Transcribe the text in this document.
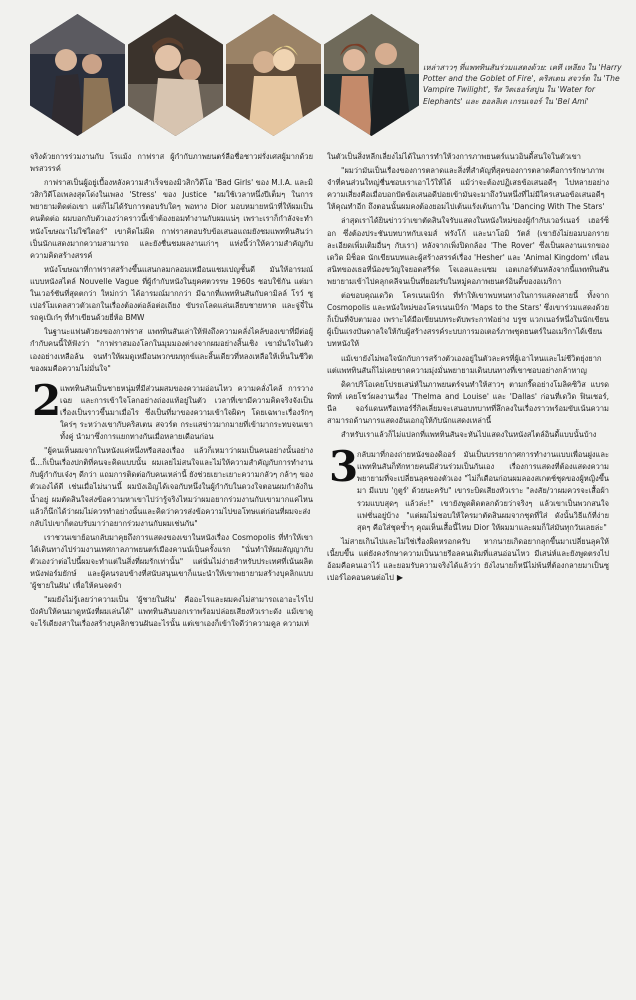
เหล่าสาวๆ ที่แพททินสันร่วมแสดงด้วย: เคที เหลียง ใน 'Harry Potter and the Goblet of Fire', คริสเตน สจวร์ต ใน 'The Vampire Twilight', รีส วิตเธอร์สปูน ใน 'Water for Elephants' และ ฮอลลิเด เกรนเจอร์ ใน 'Bel Ami'

จริงด้วยการร่วมงานกับ โรแม้ง กาฟราส ผู้กำกับภาพยนตร์ลือชื่อชาวฝรั่งเศสผู้มากด้วยพรสวรรค์

กาฟราสเป็นผู้อยู่เบื้องหลังความสำเร็จของมิวสิกวิดีโอ 'Bad Girls' ของ M.I.A. และมิวสิกวิดีโอเพลงสุดโด่งในเพลง 'Stress' ของ Justice "ผมใช้เวลาหนึ่งปีเต็มๆ ในการพยายามติดต่อเขา แต่ก็ไม่ได้รับการตอบรับใดๆ พอทาง Dior มอบหมายหน้าที่ให้ผมเป็นคนติดต่อ ผมบอกกับตัวเองว่าคราวนี้เข้าต้องยอมทำงานกับผมแน่ๆ เพราะเราก็กำลังจะทำหนังโฆษณาไม่ใช่ใดอร์" เขาคิดไม่ผิด กาฟราสตอบรับข้อเสนอแถมยังชมแพททินสันว่าเป็นนักแสดงมากความสามารถ และยังชื่นชมผลงานเก่าๆ แห่งนี้ว่าให้ความสำคัญกับความคิดสร้างสรรค์

หนังโฆษณาที่กาฟราสสร้างขึ้นแสนกลมกลอมเหมือนแชมเปญชั้นดี มันให้อารมณ์แบบหนังสไตล์ Nouvelle Vague ที่ผู้กำกับหนังในยุคศตวรรษ 1960s ชอบใช้กัน แต่มาในเวอร์ชันที่สุดตกว่า ใหม่กว่า ได้อารมณ์มากกว่า มีฉากที่แพททินสันกับคามิลล์ โรว์ ซูเปอร์โมเดลสาวตัวเอกในเรื่องต้องต่อล้อต่อเถียง ขับรถโลดแล่นเลียบชายหาด และจู่จี๋ในรถคูเป้เก๋ๆ ที่ทำเขียนด้วยยี่ห้อ BMW

ในฐานะแฟนตัวยงของกาฟราส แพททินสันเล่าให้ฟังถึงความคลั่งไคล้ของเขาที่มีต่อผู้กำกับคนนี้ให้ฟังว่า "กาฟราสมองโลกในมุมมองต่างจากผมอย่างสิ้นเชิง เขามั่นใจในตัวเองอย่างเหลือล้น จนทำให้ผมดูเหมือนพวกขมทุกข์และสิ้นเดียวที่หลงเหลือให้เห็นในชีวิตของผมคือความไม่มั่นใจ"

2

แพททินสันเป็นชายหนุ่มที่มีส่วนผสมของความอ่อนไหว ความคลั่งไคล้ การวางเฉย และการเข้าใจโลกอย่างถ่องแท้อยู่ในตัว เวลาที่เขามีความคิดจริงจังเป็นเรื่องเป็นราวขึ้นมาเมื่อไร ซึ่งเป็นที่มาของความเข้าใจผิดๆ โดยเฉพาะเรื่องรักๆ ใคร่ๆ ระหว่างเขากับคริสเตน สจวร์ต กระแสข่าวมากมายที่เข้ามากระทบจนเขาทั้งคู่ นำมาซึ่งการแยกทางกันเมื่อหลายเดือนก่อน

"ผู้คนเห็นผมจากในหนังแค่หนึ่งหรือสองเรื่อง แล้วก็เหมาว่าผมเป็นคนอย่างนั้นอย่างนี้...ก็เป็นเรื่องปกติที่คนจะคิดแบบนั้น ผมเลยไม่สนใจและไม่ให้ความสำคัญกับการทำงานกับผู้กำกับเจ๋งๆ ดีกว่า แถมการติดต่อกับคนเหล่านี้ ยังช่วยเยาะเยาะความกลัวๆ กล้าๆ ของตัวเองได้ดี เช่นเมื่อไม่นานนี้ ผมบังเอิญได้เจอกับหนึ่งในผู้กำกับในดวงใจตอนผมกำลังกินน้ำอยู่ ผมตัดสินใจส่งข้อความหาเขาไปว่ารู้จริงไหมว่าผมอยากร่วมงานกับเขามากแค่ไหน แล้วก็นึกได้ว่าผมไม่ควรทำอย่างนั้นและคิดว่าควรส่งข้อความไปขอโทษแต่ก่อนที่ผมจะส่งกลับไปเขาก็ตอบรับมาว่าอยากร่วมงานกับผมเช่นกัน"

เราชวนเขาย้อนกลับมาคุยถึงการแสดงของเขาในหนังเรื่อง Cosmopolis ที่ทำให้เขาได้เดินทางไปร่วมงานเทศกาลภาพยนตร์เมืองคานน์เป็นครั้งแรก "นั่นทำให้ผมสัญญากับตัวเองว่าต่อไปนี้ผมจะทำแต่ในสิ่งที่ผมรักเท่านั้น" แต่นั่นไม่ง่ายสำหรับประเทศที่เน้นผลิตหนังฟอร์มยักษ์ และผู้คนรอบข้างที่สนับสนุนเขาก็แนะนำให้เขาพยายามสร้างบุคลิกแบบ 'ผู้ชายในฝัน' เพื่อให้คนจดจำ

"ผมยังไม่รู้เลยว่าความเป็น 'ผู้ชายในฝัน' คืออะไรและผมคงไม่สามารถเอาอะไรไปบังคับให้คนมาดูหนังที่ผมเล่นได้" แพททินสันบอกเราพร้อมปล่อยเสียงหัวเราะดัง แม้เขาดูจะไร้เดียงสาในเรื่องสร้างบุคลิกชวนฝันอะไรนั้น แต่เขาเองก็เข้าใจดีว่าความคูล ความเท่

ในตัวเป็นสิ่งหลีกเลี่ยงไม่ได้ในการทำให้วงการภาพยนตร์แนวอินดี้สนใจในตัวเขา

"ผมว่ามันเป็นเรื่องของการตลาดและสิ่งที่สำคัญที่สุดของการตลาดคือการรักษาภาพจำที่คนส่วนใหญ่ชื่นชอบเราเอาไว้ให้ได้ แม้ว่าจะต้องปฏิเสธข้อเสนอดีๆ ไปหลายอย่าง ความเสี่ยงคือเมื่อบอกปัดข้อเสนอดีปอยเข้ามันจะมาถึงวันหนึ่งที่ไม่มีใครเสนอข้อเสนอดีๆ ให้คุณทำอีก ถึงตอนนั้นผมคงต้องยอมไปเต้นแร้งเต้นกาใน 'Dancing With The Stars'

ล่าสุดเราได้ยินข่าวว่าเขาตัดสินใจรับแสดงในหนังใหม่ของผู้กำกับเวอร์เนอร์ เฮอร์ซ็อก ซึ่งต้องประชันบทบาทกับเจมส์ ฟรังโก้ และนาโอมิ วัตส์ (เขายังไม่ยอมบอกรายละเอียดเพิ่มเติมอื่นๆ กับเรา) หลังจากเพิ่งปิดกล้อง 'The Rover' ซึ่งเป็นผลงานแรกของเดวิด มิช็อด นักเขียนบทและผู้สร้างสรรค์เรื่อง 'Hesher' และ 'Animal Kingdom' เพื่อนสนิทของเธอที่น้องขวัญใจยอดสรีร์ด โจเอลและแซม เอตเกอร์ตันหลังจากนี้แพททินสันพยายามเข้าไปคลุกคลีจนเป็นที่ยอมรับในหมู่คอภาพยนตร์อินดี้ของอเมริกา

ต่อขอบคุณเดวิด โครเนนเบิร์ก ที่ทำให้เขาพบหนทางในการแสดงสายนี้ ทั้งจาก Cosmopolis และหนังใหม่ของโครเนนเบิร์ก 'Maps to the Stars' ซึ่งเขาร่วมแสดงด้วยก็เป็นที่จับตามอง เพราะได้มือเขียนบทระดับพระกาฬอย่าง บรูซ แวกเนอร์หนึ่งในนักเขียนผู้เป็นแรงบันดาลใจให้กับผู้สร้างสรรค์ระบบการมอเตอร์ภาพชุดยนตร์ในอเมริกาได้เขียนบทหนังให้

แม้เขายังไม่พอใจนักกับการสร้างตัวเองอยู่ในตัวละครที่ผู้เอาไหนและไม่ชีวิตยุ่งยาก แต่แพททินสันก็ไม่เคยขาดความมุ่งมั่นพยายามเดินบนทางที่เขาชอบอย่างกล้าหาญ

ดิคาปริโอเคยโปรยเสน่ห์ในภาพยนตร์จนทำให้สาวๆ ตามกรี๊ดอย่างโมลิคซิวิส แบรด พิทท์ เคยโชว์ผลงานเรื่อง 'Thelma and Louise' และ 'Dallas' ก่อนที่เดวิด ฟินเชอร์, นีล จอร์แดนหรือเทอร์รี่กิลเลี่ยมจะเสนอบทบาทที่ลึกลงในเรื่องราวพร้อมขับเน้นความสามารถด้านการแสดงอันเอกอุให้กับนักแสดงเหล่านี้

สำหรับเราแล้วก็ไม่แปลกที่แพททินสันจะหันไปแสดงในหนังสไตล์อินดี้แบบนั้นบ้าง

3

กลับมาที่กองถ่ายหนังของดิออร์ มันเป็นบรรยากาศการทำงานแบบเพื่อนฝูงและแพททินสันก็ทักทายคนมีส่วนร่วมเป็นกันเอง เรื่องการแสดงที่ต้องแสดงความพยายามที่จะเปลี่ยนลุคของตัวเอง "ไม่ก็เดือนก่อนผมลองสเกตช์ชุดของผู้หญิงขึ้นมา มีแบบ 'กูตูร์' ด้วยนะครับ" เขาระบิดเสียงหัวเราะ "ลงสัย/วาผมควรจะเสื้อผ้ารวมแบบสุดๆ แล้วล่ะ!" เขายังพูดติดตลกด้วยว่าจริงๆ แล้วเขาเป็นพวกสนใจแฟชั่นอยู่บ้าง "แต่ผมไม่ชอบให้ใครมาตัดสินผมจากชุดที่ใส่ ดังนั้นวิธีแก้ที่ง่ายสุดๆ คือใส่ชุดซ้ำๆ คุณเห็นเสื้อนี้ไหม Dior ให้ผมมาและผมก็ใส่มันทุกวันเลยล่ะ"

ไม่สายเกินไปและไม่ใช่เรื่องผิดหรอกครับ หากนายเกิดอยากลุกขึ้นมาเปลี่ยนลุคให้เนี้ยบขึ้น แต่ยังคงรักษาความเป็นนายรีอลคนเดิมที่แสนอ่อนไหว มีเสน่ห์และยังพูดตรงไปอ้อมคือคนเอาไว้ และยอมรับความจริงได้แล้วว่า ยังไงนายก็หนีไม่พ้นที่ต้องกลายมาเป็นซูเปอร์ไอคอนคนต่อไป ▶
